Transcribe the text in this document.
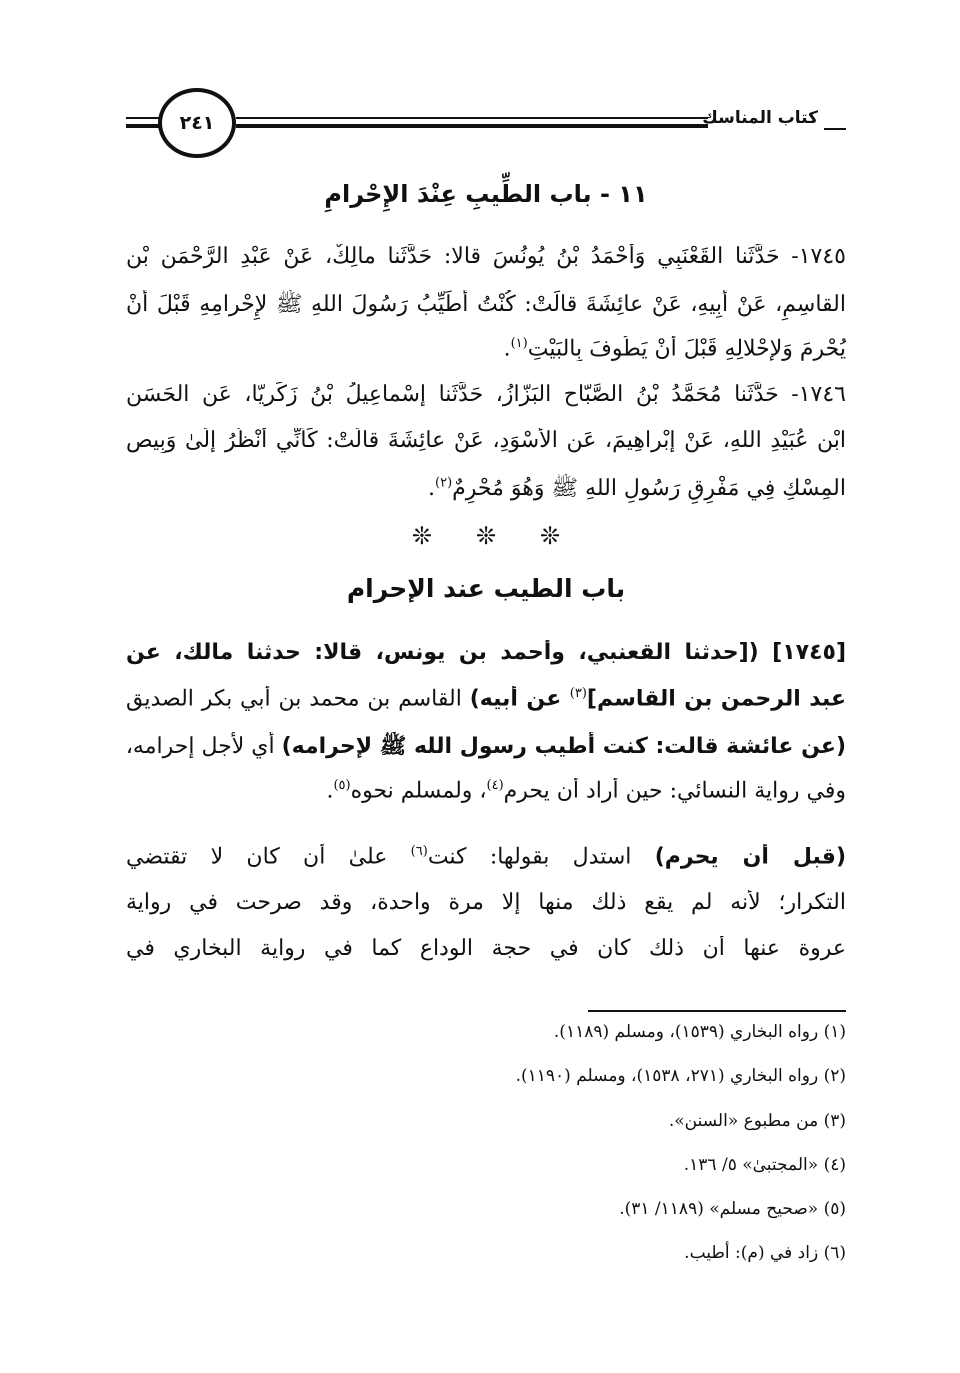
كتاب المناسك
٢٤١
١١ - باب الطِّيبِ عِنْدَ الإِحْرامِ
١٧٤٥- حَدَّثَنا القَعْنَبِي وَأَحْمَدُ بْنُ يُونُسَ قالا: حَدَّثَنا مالِكٌ، عَنْ عَبْدِ الرَّحْمَنِ بْنِ
القاسِمِ، عَنْ أَبِيهِ، عَنْ عائِشَةَ قالَتْ: كُنْتُ أُطَيِّبُ رَسُولَ اللهِ ﷺ لإِحْرامِهِ قَبْلَ أَنْ
يُحْرِمَ وَلإِحْلالِهِ قَبْلَ أَنْ يَطُوفَ بِالبَيْتِ$^{(١)}$.
١٧٤٦- حَدَّثَنا مُحَمَّدُ بْنُ الصَّبّاحِ البَزّازُ، حَدَّثَنا إِسْماعِيلُ بْنُ زَكَرِيّا، عَنِ الحَسَنِ
ابْنِ عُبَيْدِ اللهِ، عَنْ إِبْراهِيمَ، عَنِ الأَسْوَدِ، عَنْ عائِشَةَ قالَتْ: كَأَنِّي أَنْظُرُ إِلَىٰ وَبِيصِ
المِسْكِ فِي مَفْرِقِ رَسُولِ اللهِ ﷺ وَهُوَ مُحْرِمٌ$^{(٢)}$.
❊❊❊
باب الطيب عند الإحرام
[١٧٤٥] ([حدثنا القعنبي، وأحمد بن يونس، قالا: حدثنا مالك، عن
عبد الرحمن بن القاسم]$^{(٣)}$ عن أبيه) القاسم بن محمد بن أبي بكر الصديق
(عن عائشة قالت: كنت أطيب رسول الله ﷺ لإحرامه) أي لأجل إحرامه،
وفي رواية النسائي: حين أراد أن يحرم$^{(٤)}$، ولمسلم نحوه$^{(٥)}$.
(قبل أن يحرم) استدل بقولها: كنت$^{(٦)}$ علىٰ أن كان لا تقتضي
التكرار؛ لأنه لم يقع ذلك منها إلا مرة واحدة، وقد صرحت في رواية
عروة عنها أن ذلك كان في حجة الوداع كما في رواية البخاري في
(١) رواه البخاري (١٥٣٩)، ومسلم (١١٨٩).
(٢) رواه البخاري (٢٧١، ١٥٣٨)، ومسلم (١١٩٠).
(٣) من مطبوع «السنن».
(٤) «المجتبىٰ» ٥/ ١٣٦.
(٥) «صحيح مسلم» (١١٨٩/ ٣١).
(٦) زاد في (م): أطيب.
